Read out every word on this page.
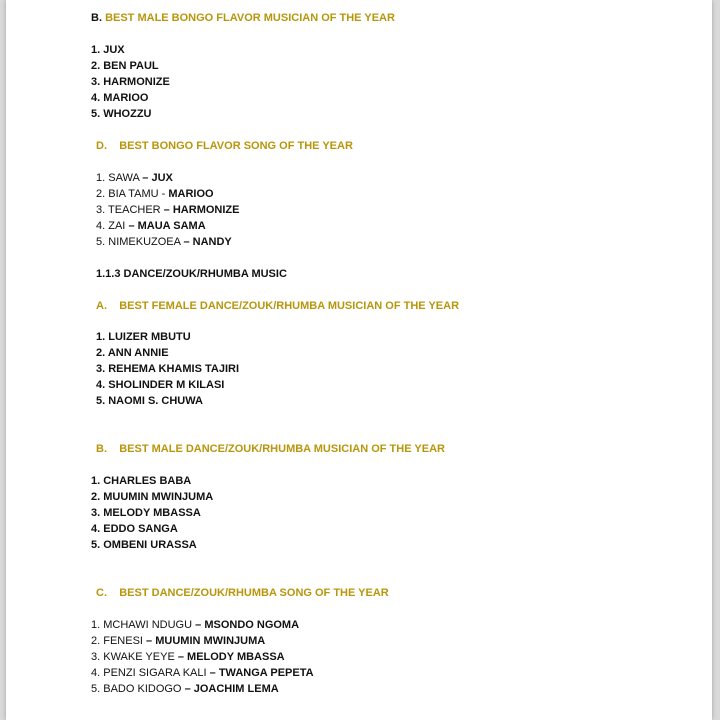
B. BEST MALE BONGO FLAVOR MUSICIAN OF THE YEAR
1. JUX
2. BEN PAUL
3. HARMONIZE
4. MARIOO
5. WHOZZU
D. BEST BONGO FLAVOR SONG OF THE YEAR
1. SAWA – JUX
2. BIA TAMU - MARIOO
3. TEACHER – HARMONIZE
4. ZAI – MAUA SAMA
5. NIMEKUZOEA – NANDY
1.1.3 DANCE/ZOUK/RHUMBA MUSIC
A. BEST FEMALE DANCE/ZOUK/RHUMBA MUSICIAN OF THE YEAR
1. LUIZER MBUTU
2. ANN ANNIE
3. REHEMA KHAMIS TAJIRI
4. SHOLINDER M KILASI
5. NAOMI S. CHUWA
B. BEST MALE DANCE/ZOUK/RHUMBA MUSICIAN OF THE YEAR
1. CHARLES BABA
2. MUUMIN MWINJUMA
3. MELODY MBASSA
4. EDDO SANGA
5. OMBENI URASSA
C. BEST DANCE/ZOUK/RHUMBA SONG OF THE YEAR
1. MCHAWI NDUGU – MSONDO NGOMA
2. FENESI – MUUMIN MWINJUMA
3. KWAKE YEYE – MELODY MBASSA
4. PENZI SIGARA KALI – TWANGA PEPETA
5. BADO KIDOGO – JOACHIM LEMA
